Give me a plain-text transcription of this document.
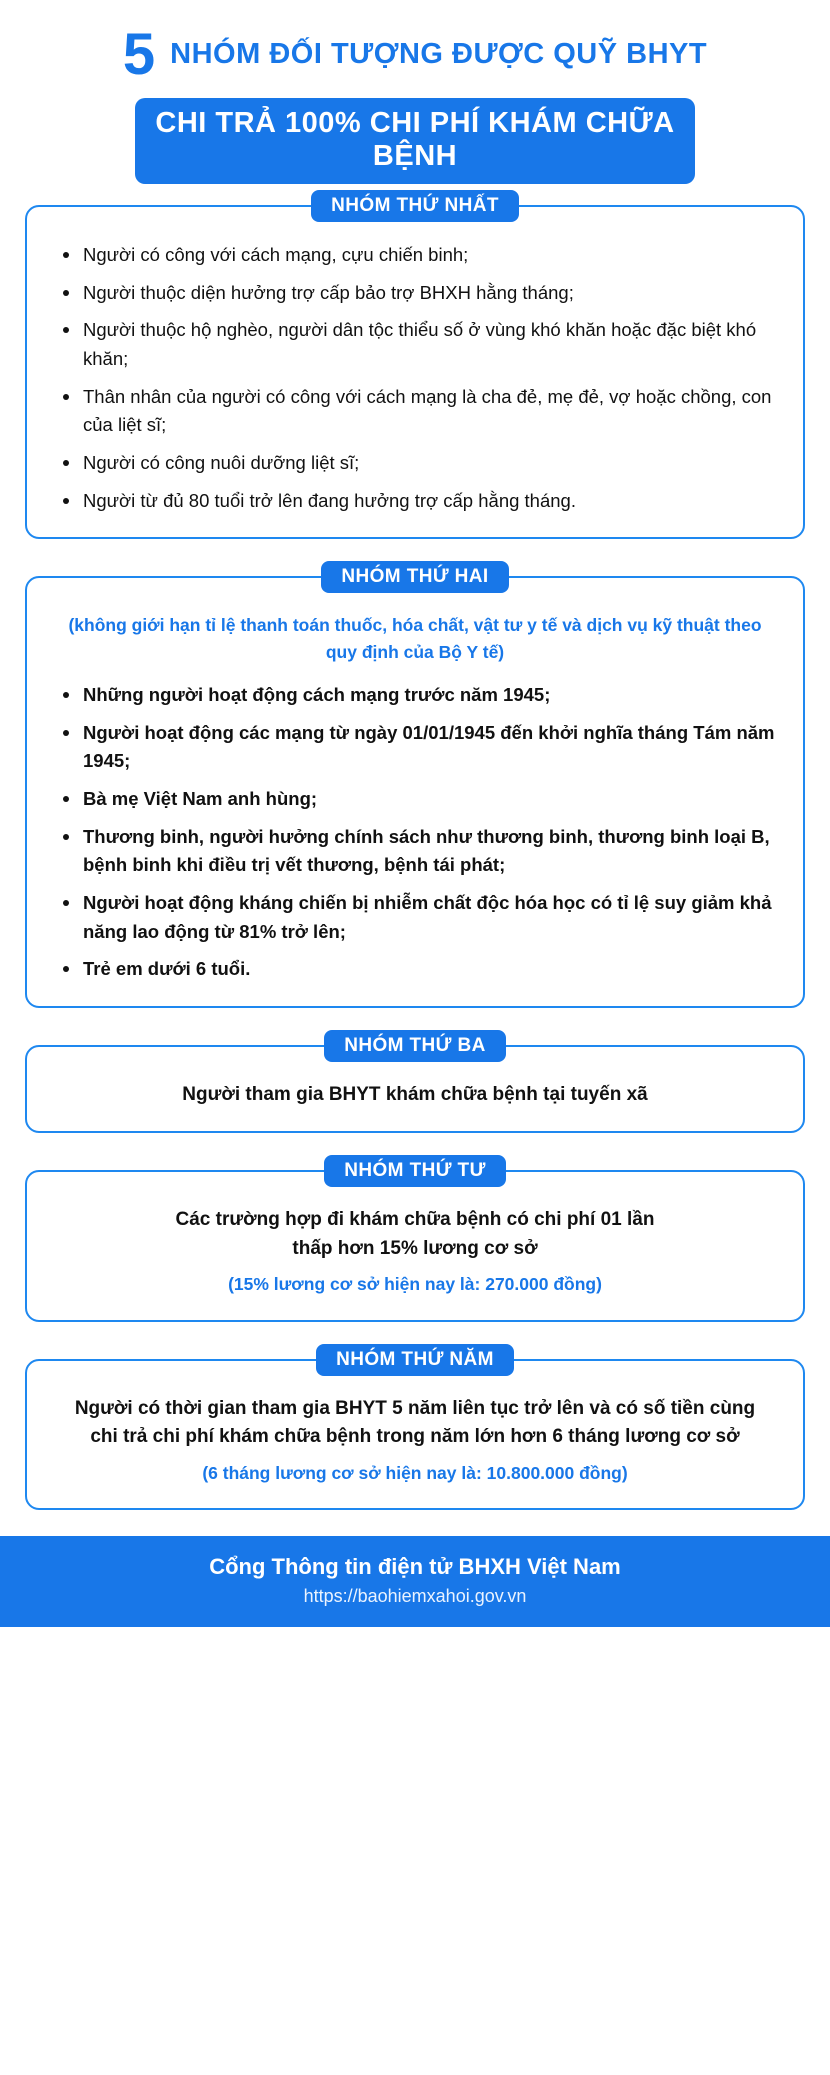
5 NHÓM ĐỐI TƯỢNG ĐƯỢC QUỸ BHYT
CHI TRẢ 100% CHI PHÍ KHÁM CHỮA BỆNH
NHÓM THỨ NHẤT
Người có công với cách mạng, cựu chiến binh;
Người thuộc diện hưởng trợ cấp bảo trợ BHXH hằng tháng;
Người thuộc hộ nghèo, người dân tộc thiểu số ở vùng khó khăn hoặc đặc biệt khó khăn;
Thân nhân của người có công với cách mạng là cha đẻ, mẹ đẻ, vợ hoặc chồng, con của liệt sĩ;
Người có công nuôi dưỡng liệt sĩ;
Người từ đủ 80 tuổi trở lên đang hưởng trợ cấp hằng tháng.
NHÓM THỨ HAI
(không giới hạn tỉ lệ thanh toán thuốc, hóa chất, vật tư y tế và dịch vụ kỹ thuật theo quy định của Bộ Y tế)
Những người hoạt động cách mạng trước năm 1945;
Người hoạt động các mạng từ ngày 01/01/1945 đến khởi nghĩa tháng Tám năm 1945;
Bà mẹ Việt Nam anh hùng;
Thương binh, người hưởng chính sách như thương binh, thương binh loại B, bệnh binh khi điều trị vết thương, bệnh tái phát;
Người hoạt động kháng chiến bị nhiễm chất độc hóa học có tỉ lệ suy giảm khả năng lao động từ 81% trở lên;
Trẻ em dưới 6 tuổi.
NHÓM THỨ BA
Người tham gia BHYT khám chữa bệnh tại tuyến xã
NHÓM THỨ TƯ
Các trường hợp đi khám chữa bệnh có chi phí 01 lần
thấp hơn 15% lương cơ sở
(15% lương cơ sở hiện nay là: 270.000 đồng)
NHÓM THỨ NĂM
Người có thời gian tham gia BHYT 5 năm liên tục trở lên và có số tiền cùng
chi trả chi phí khám chữa bệnh trong năm lớn hơn 6 tháng lương cơ sở
(6 tháng lương cơ sở hiện nay là: 10.800.000 đồng)
Cổng Thông tin điện tử BHXH Việt Nam
https://baohiemxahoi.gov.vn
